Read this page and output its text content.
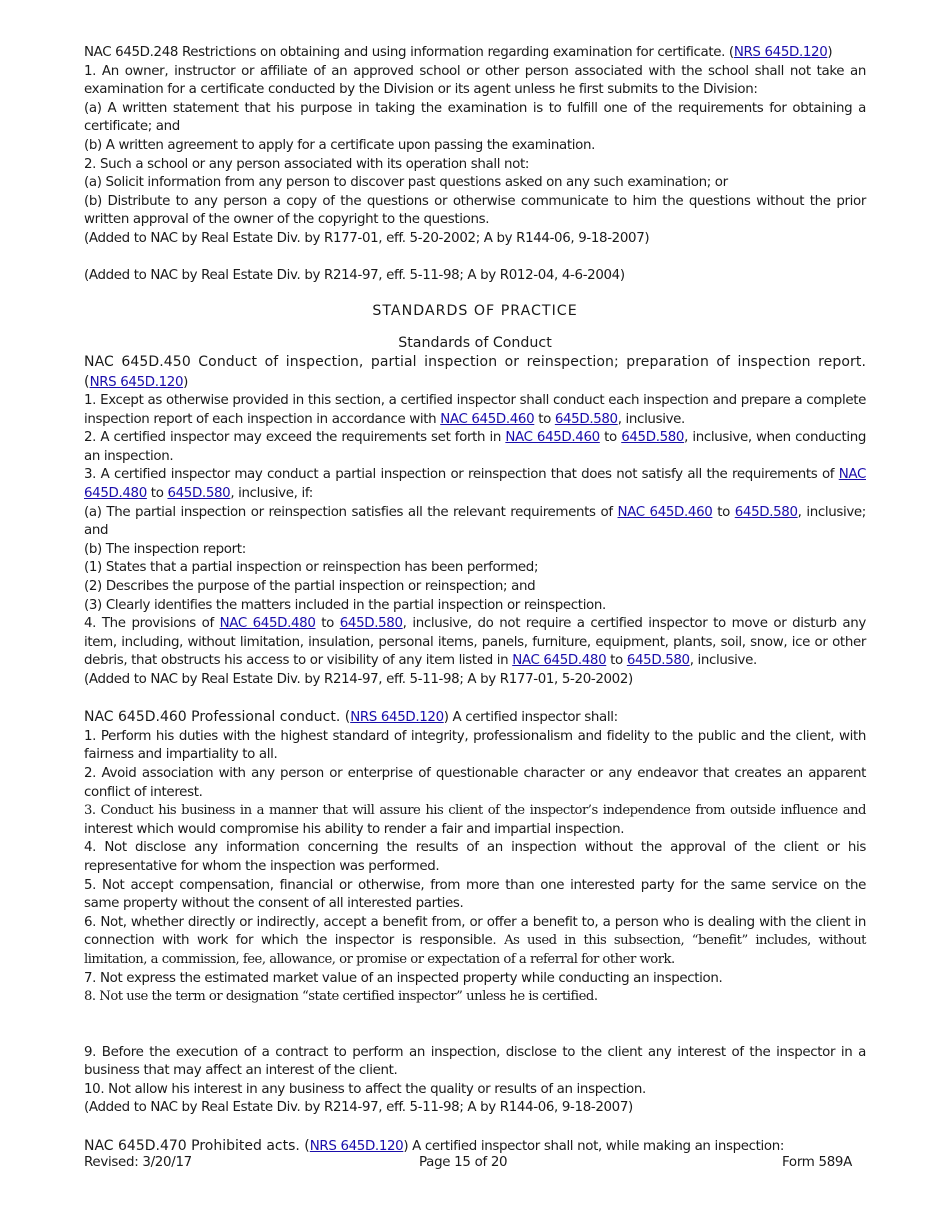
NAC 645D.248 Restrictions on obtaining and using information regarding examination for certificate. (NRS 645D.120)

1. An owner, instructor or affiliate of an approved school or other person associated with the school shall not take an examination for a certificate conducted by the Division or its agent unless he first submits to the Division:

(a) A written statement that his purpose in taking the examination is to fulfill one of the requirements for obtaining a certificate; and

(b) A written agreement to apply for a certificate upon passing the examination.

2. Such a school or any person associated with its operation shall not:

(a) Solicit information from any person to discover past questions asked on any such examination; or

(b) Distribute to any person a copy of the questions or otherwise communicate to him the questions without the prior written approval of the owner of the copyright to the questions.

(Added to NAC by Real Estate Div. by R177-01, eff. 5-20-2002; A by R144-06, 9-18-2007)

(Added to NAC by Real Estate Div. by R214-97, eff. 5-11-98; A by R012-04, 4-6-2004)

STANDARDS OF PRACTICE

Standards of Conduct

NAC 645D.450 Conduct of inspection, partial inspection or reinspection; preparation of inspection report. (NRS 645D.120)

1. Except as otherwise provided in this section, a certified inspector shall conduct each inspection and prepare a complete inspection report of each inspection in accordance with NAC 645D.460 to 645D.580, inclusive.

2. A certified inspector may exceed the requirements set forth in NAC 645D.460 to 645D.580, inclusive, when conducting an inspection.

3. A certified inspector may conduct a partial inspection or reinspection that does not satisfy all the requirements of NAC 645D.480 to 645D.580, inclusive, if:

(a) The partial inspection or reinspection satisfies all the relevant requirements of NAC 645D.460 to 645D.580, inclusive; and

(b) The inspection report:

(1) States that a partial inspection or reinspection has been performed;

(2) Describes the purpose of the partial inspection or reinspection; and

(3) Clearly identifies the matters included in the partial inspection or reinspection.

4. The provisions of NAC 645D.480 to 645D.580, inclusive, do not require a certified inspector to move or disturb any item, including, without limitation, insulation, personal items, panels, furniture, equipment, plants, soil, snow, ice or other debris, that obstructs his access to or visibility of any item listed in NAC 645D.480 to 645D.580, inclusive.

(Added to NAC by Real Estate Div. by R214-97, eff. 5-11-98; A by R177-01, 5-20-2002)

NAC 645D.460 Professional conduct. (NRS 645D.120) A certified inspector shall:

1. Perform his duties with the highest standard of integrity, professionalism and fidelity to the public and the client, with fairness and impartiality to all.

2. Avoid association with any person or enterprise of questionable character or any endeavor that creates an apparent conflict of interest.

3. Conduct his business in a manner that will assure his client of the inspector’s independence from outside influence and interest which would compromise his ability to render a fair and impartial inspection.

4. Not disclose any information concerning the results of an inspection without the approval of the client or his representative for whom the inspection was performed.

5. Not accept compensation, financial or otherwise, from more than one interested party for the same service on the same property without the consent of all interested parties.

6. Not, whether directly or indirectly, accept a benefit from, or offer a benefit to, a person who is dealing with the client in connection with work for which the inspector is responsible. As used in this subsection, “benefit” includes, without limitation, a commission, fee, allowance, or promise or expectation of a referral for other work.

7. Not express the estimated market value of an inspected property while conducting an inspection.

8. Not use the term or designation “state certified inspector” unless he is certified.

9. Before the execution of a contract to perform an inspection, disclose to the client any interest of the inspector in a business that may affect an interest of the client.

10. Not allow his interest in any business to affect the quality or results of an inspection.

(Added to NAC by Real Estate Div. by R214-97, eff. 5-11-98; A by R144-06, 9-18-2007)

NAC 645D.470 Prohibited acts. (NRS 645D.120) A certified inspector shall not, while making an inspection:

Revised: 3/20/17	Page 15 of 20	Form 589A
